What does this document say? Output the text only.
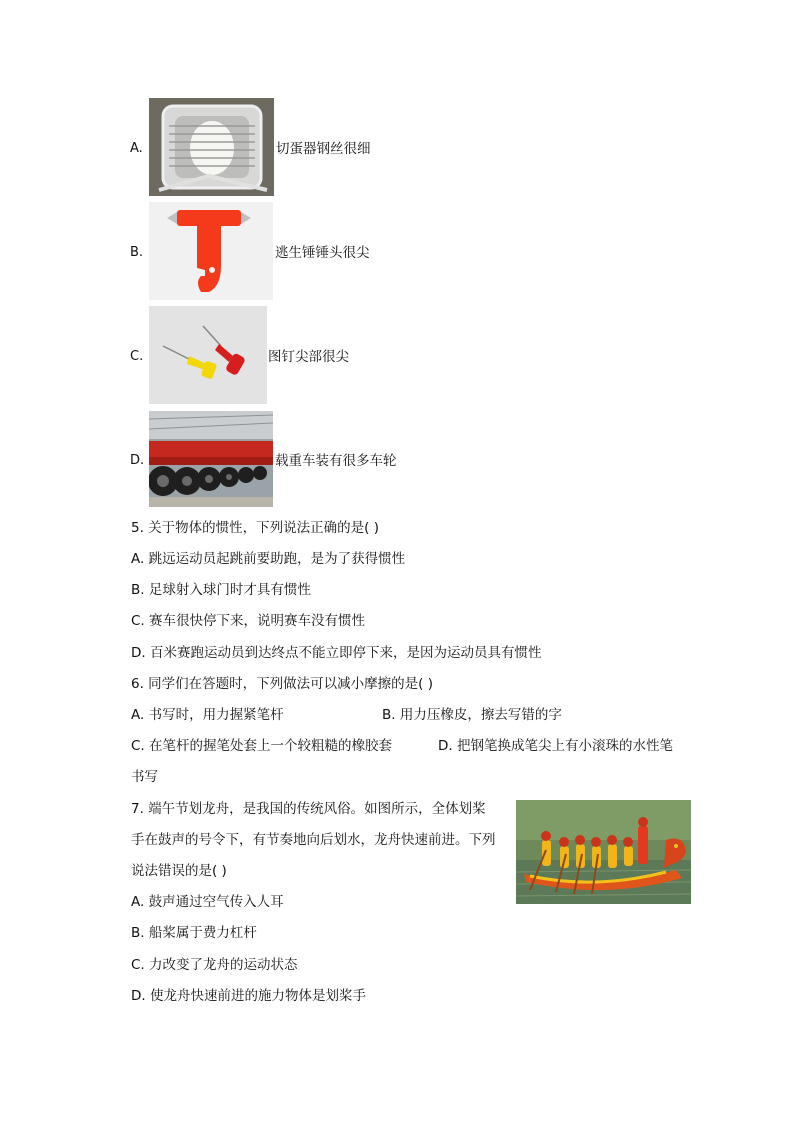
A.	切蛋器钢丝很细
B.	逃生锤锤头很尖
C.	图钉尖部很尖
D.	载重车装有很多车轮
5. 关于物体的惯性，下列说法正确的是( )
A. 跳远运动员起跳前要助跑，是为了获得惯性
B. 足球射入球门时才具有惯性
C. 赛车很快停下来，说明赛车没有惯性
D. 百米赛跑运动员到达终点不能立即停下来，是因为运动员具有惯性
6. 同学们在答题时，下列做法可以减小摩擦的是( )
A. 书写时，用力握紧笔杆	B. 用力压橡皮，擦去写错的字
C. 在笔杆的握笔处套上一个较粗糙的橡胶套	D. 把钢笔换成笔尖上有小滚珠的水性笔
书写
7. 端午节划龙舟，是我国的传统风俗。如图所示，全体划桨
手在鼓声的号令下，有节奏地向后划水，龙舟快速前进。下列
说法错误的是( )
A. 鼓声通过空气传入人耳
B. 船桨属于费力杠杆
C. 力改变了龙舟的运动状态
D. 使龙舟快速前进的施力物体是划桨手
